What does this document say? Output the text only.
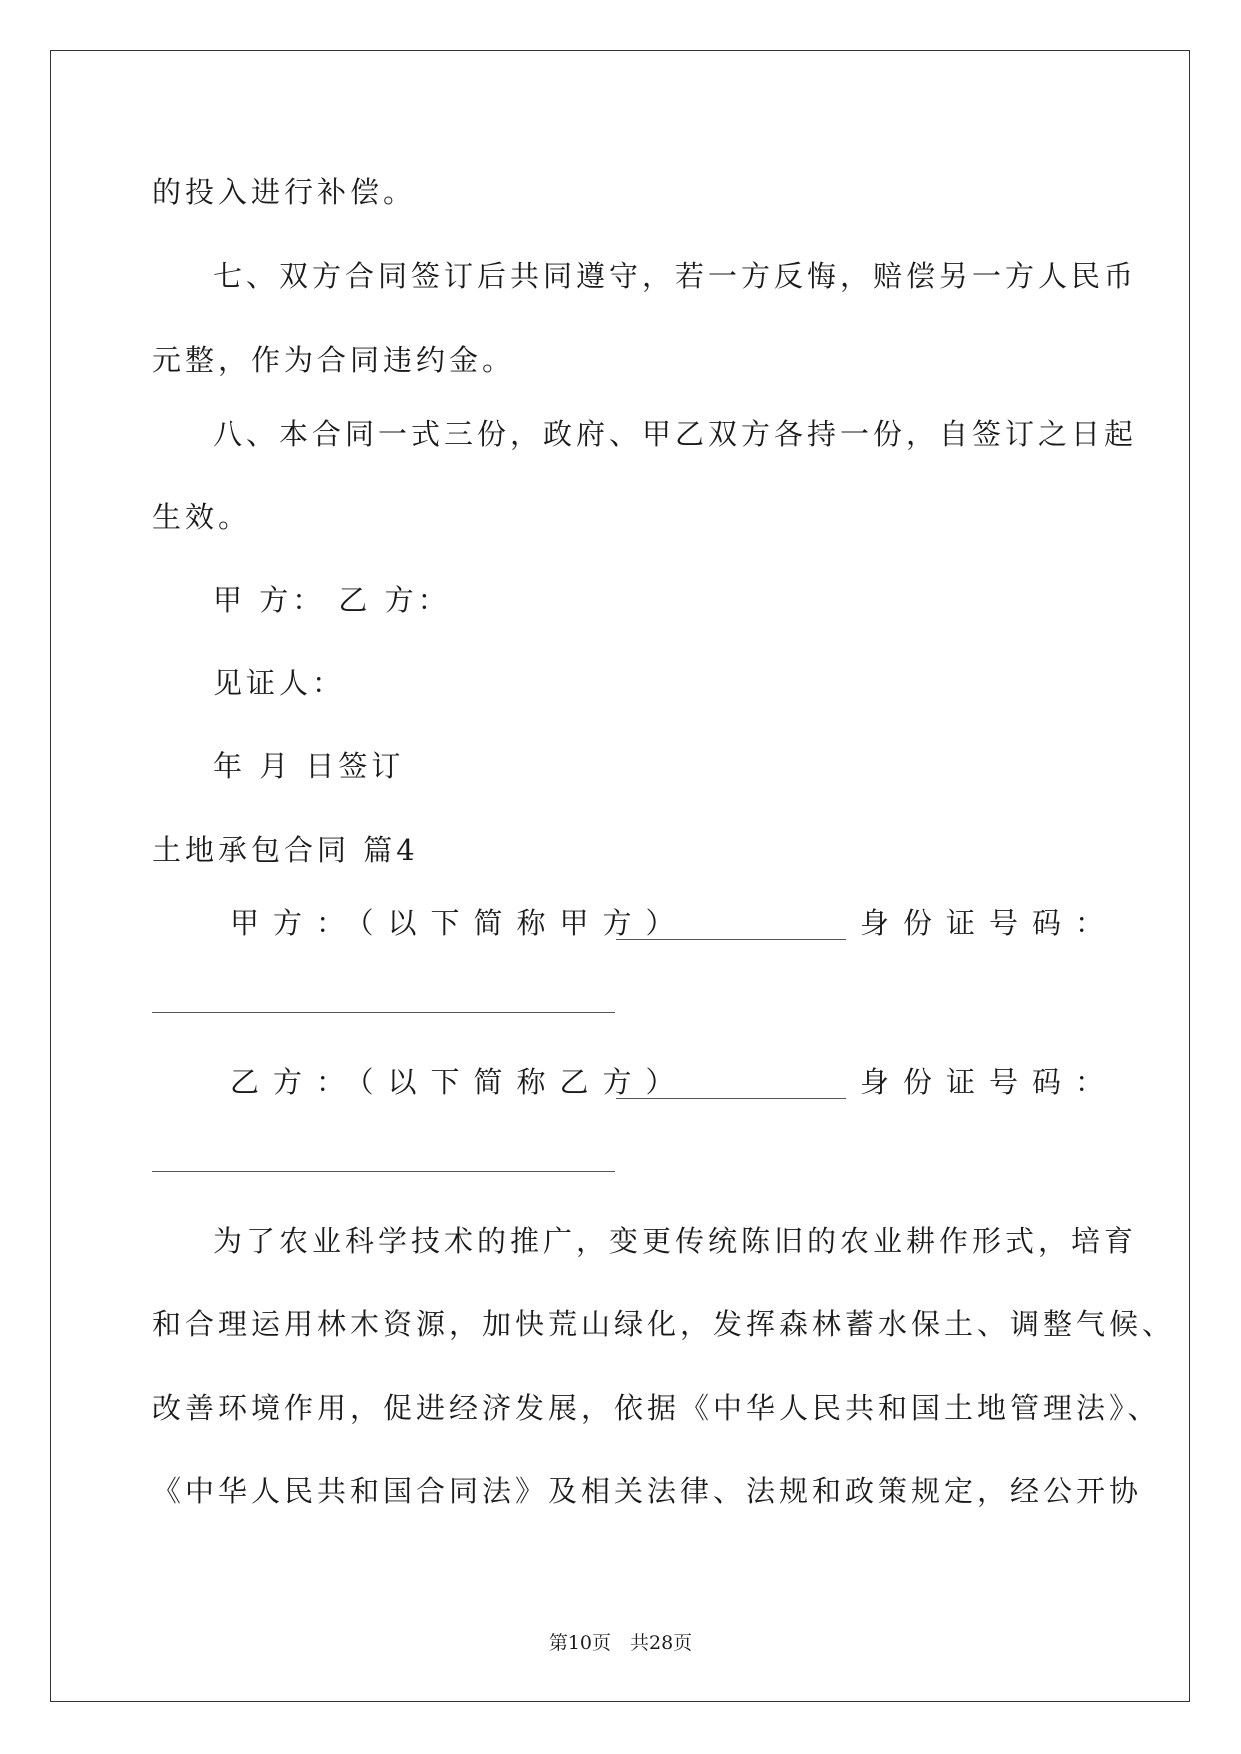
的投入进行补偿。
七、双方合同签订后共同遵守，若一方反悔，赔偿另一方人民币
元整，作为合同违约金。
八、本合同一式三份，政府、甲乙双方各持一份，自签订之日起
生效。
甲 方： 乙 方：
见证人：
年 月 日签订
土地承包合同 篇4
甲方：（以下简称甲方）	身份证号码：
乙方：（以下简称乙方）	身份证号码：
为了农业科学技术的推广，变更传统陈旧的农业耕作形式，培育
和合理运用林木资源，加快荒山绿化，发挥森林蓄水保土、调整气候、
改善环境作用，促进经济发展，依据《中华人民共和国土地管理法》、
《中华人民共和国合同法》及相关法律、法规和政策规定，经公开协
第10页　共28页
